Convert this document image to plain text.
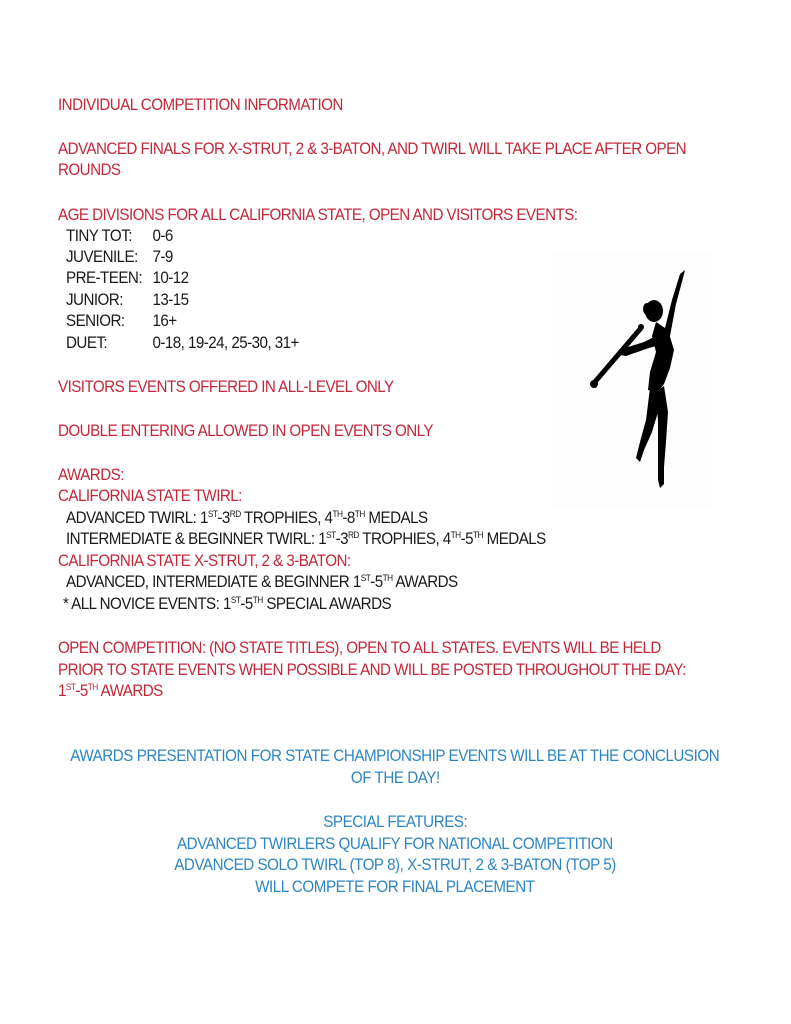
INDIVIDUAL COMPETITION INFORMATION
ADVANCED FINALS FOR X-STRUT, 2 & 3-BATON, AND TWIRL WILL TAKE PLACE AFTER OPEN
ROUNDS
AGE DIVISIONS FOR ALL CALIFORNIA STATE, OPEN AND VISITORS EVENTS:
TINY TOT: 0-6
JUVENILE: 7-9
PRE-TEEN: 10-12
JUNIOR: 13-15
SENIOR: 16+
DUET:	0-18, 19-24, 25-30, 31+
VISITORS EVENTS OFFERED IN ALL-LEVEL ONLY
DOUBLE ENTERING ALLOWED IN OPEN EVENTS ONLY
AWARDS:
CALIFORNIA STATE TWIRL:
ADVANCED TWIRL: 1ST-3RD TROPHIES, 4TH-8TH MEDALS
INTERMEDIATE & BEGINNER TWIRL: 1ST-3RD TROPHIES, 4TH-5TH MEDALS
CALIFORNIA STATE X-STRUT, 2 & 3-BATON:
ADVANCED, INTERMEDIATE & BEGINNER 1ST-5TH AWARDS
* ALL NOVICE EVENTS: 1ST-5TH SPECIAL AWARDS
OPEN COMPETITION: (NO STATE TITLES), OPEN TO ALL STATES. EVENTS WILL BE HELD
PRIOR TO STATE EVENTS WHEN POSSIBLE AND WILL BE POSTED THROUGHOUT THE DAY:
1ST-5TH AWARDS
AWARDS PRESENTATION FOR STATE CHAMPIONSHIP EVENTS WILL BE AT THE CONCLUSION
OF THE DAY!
SPECIAL FEATURES:
ADVANCED TWIRLERS QUALIFY FOR NATIONAL COMPETITION
ADVANCED SOLO TWIRL (TOP 8), X-STRUT, 2 & 3-BATON (TOP 5)
WILL COMPETE FOR FINAL PLACEMENT
